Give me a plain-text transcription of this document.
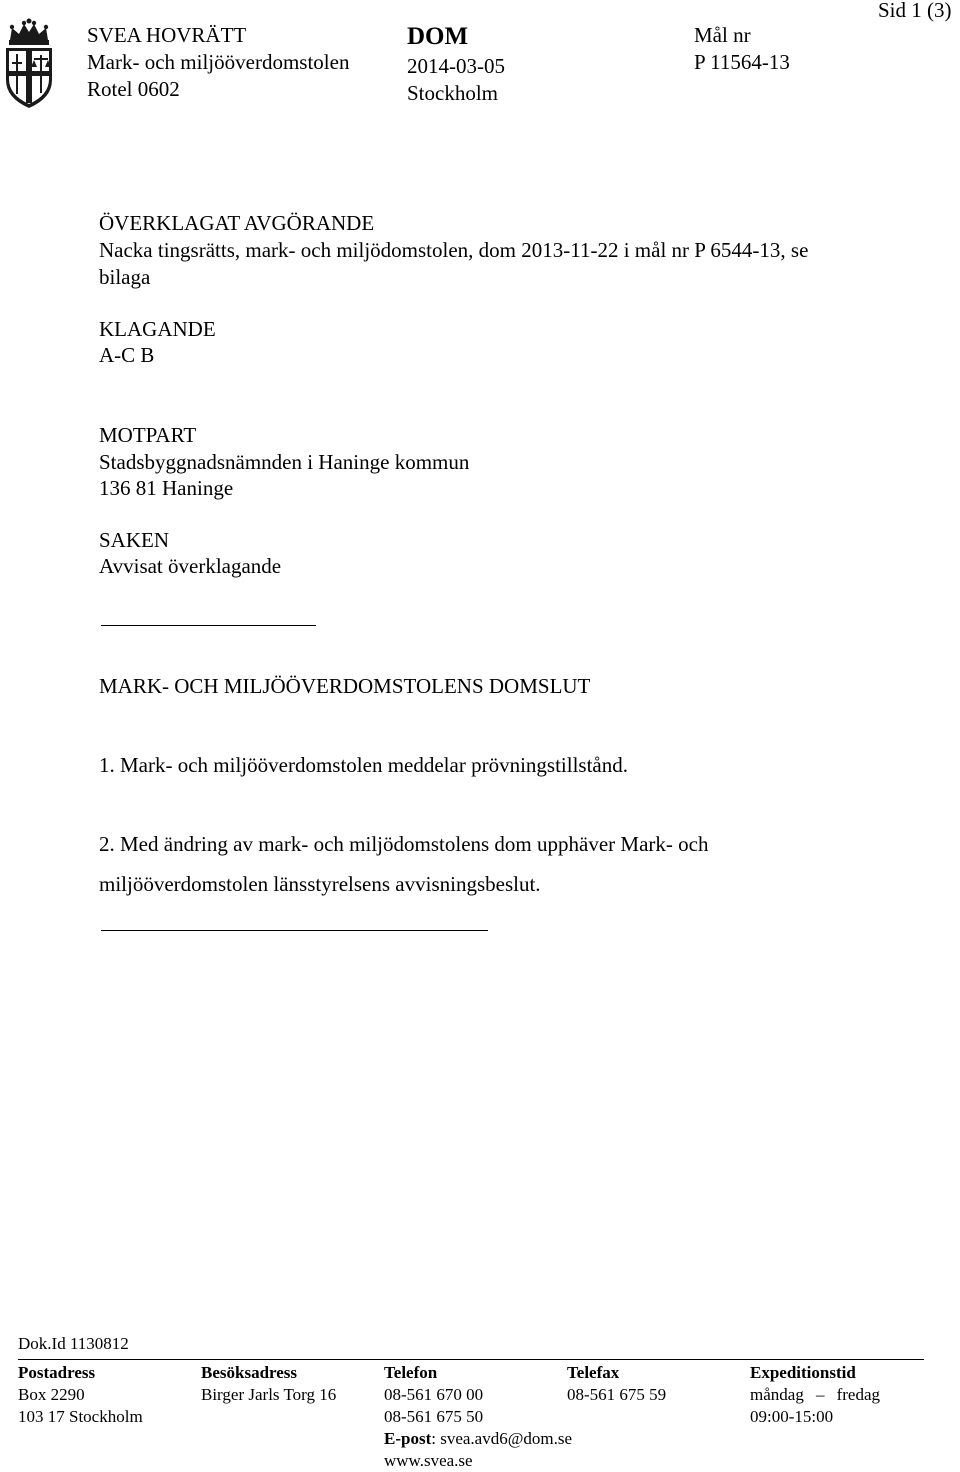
SVEA HOVRÄTT
Mark- och miljööverdomstolen
Rotel 0602
DOM
2014-03-05
Stockholm
Mål nr
P 11564-13
Sid 1 (3)
ÖVERKLAGAT AVGÖRANDE
Nacka tingsrätts, mark- och miljödomstolen, dom 2013-11-22 i mål nr P 6544-13, se
bilaga
KLAGANDE
A-C B
MOTPART
Stadsbyggnadsnämnden i Haninge kommun
136 81 Haninge
SAKEN
Avvisat överklagande
MARK- OCH MILJÖÖVERDOMSTOLENS DOMSLUT
1. Mark- och miljööverdomstolen meddelar prövningstillstånd.
2. Med ändring av mark- och miljödomstolens dom upphäver Mark- och
miljööverdomstolen länsstyrelsens avvisningsbeslut.
Dok.Id 1130812
Postadress
Box 2290
103 17 Stockholm
Besöksadress
Birger Jarls Torg 16
Telefon
08-561 670 00
08-561 675 50
E-post: svea.avd6@dom.se
www.svea.se
Telefax
08-561 675 59
Expeditionstid
måndag – fredag
09:00-15:00
